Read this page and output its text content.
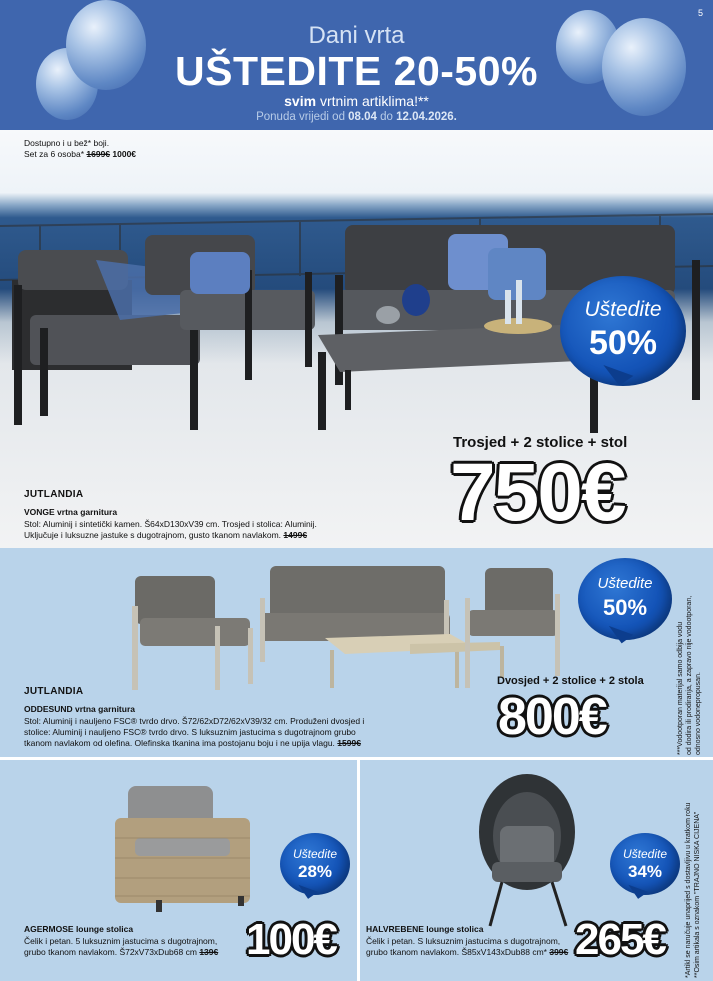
Dani vrta
UŠTEDITE 20-50%
svim vrtnim artiklima!**
Ponuda vrijedi od 08.04 do 12.04.2026.
5
Dostupno i u bež* boji.
Set za 6 osoba* 1699€ 1000€
Uštedite
50%
Trosjed + 2 stolice + stol
750€
JUTLANDIA
VONGE vrtna garnitura
Stol: Aluminij i sintetički kamen. Š64xD130xV39 cm. Trosjed i stolica: Aluminij.
Uključuje i luksuzne jastuke s dugotrajnom, gusto tkanom navlakom. 1499€
Uštedite
50%
Dvosjed + 2 stolice + 2 stola
800€
JUTLANDIA
ODDESUND vrtna garnitura
Stol: Aluminij i nauljeno FSC® tvrdo drvo. Š72/62xD72/62xV39/32 cm. Produženi dvosjed i
stolice: Aluminij i nauljeno FSC® tvrdo drvo. S luksuznim jastucima s dugotrajnom grubo
tkanom navlakom od olefina. Olefinska tkanina ima postojanu boju i ne upija vlagu. 1599€
Uštedite
28%
100€
AGERMOSE lounge stolica
Čelik i petan. 5 luksuznim jastucima s dugotrajnom,
grubo tkanom navlakom. Š72xV73xDub68 cm 139€
Uštedite
34%
265€
HALVREBENE lounge stolica
Čelik i petan. S luksuznim jastucima s dugotrajnom,
grubo tkanom navlakom. Š85xV143xDub88 cm* 399€
***Vodootporan materijal samo odbija vodu od dodira ili prodiranja, a zapravo nije vodootporan, odnosno vodonepropusan.
*Artikl se naručuje unaprijed s dostavljivu u kratkom roku **Osim artikala s oznakom "TRAJNO NISKA CIJENA"
